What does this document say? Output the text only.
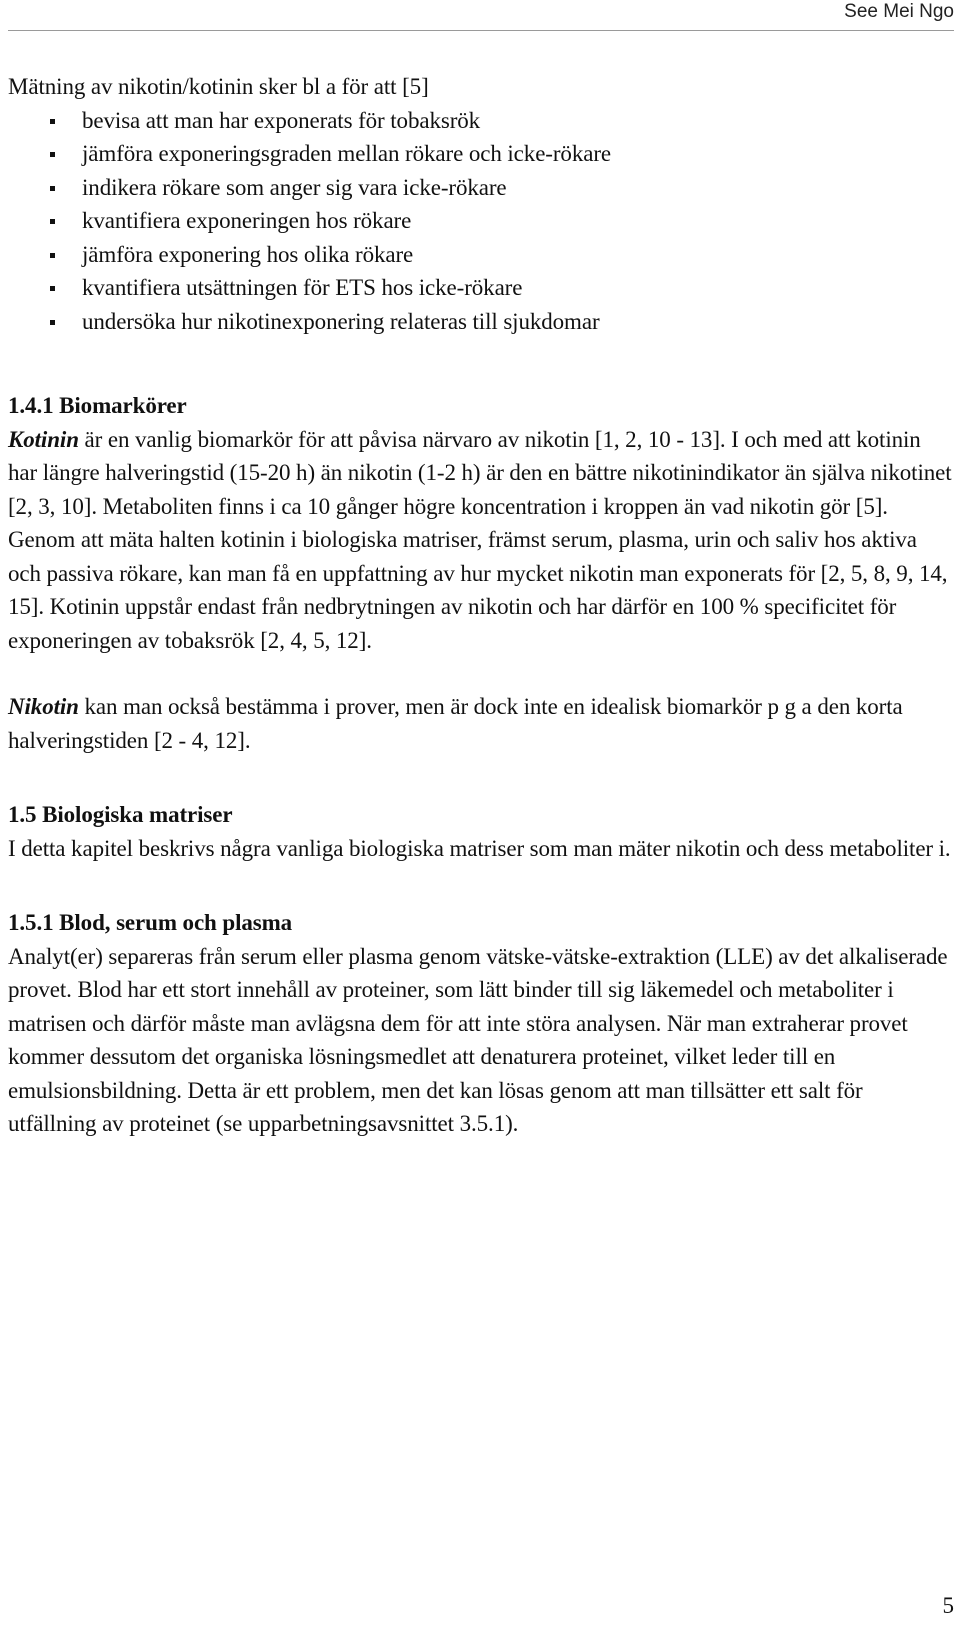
See Mei Ngo

Mätning av nikotin/kotinin sker bl a för att [5]

bevisa att man har exponerats för tobaksrök
jämföra exponeringsgraden mellan rökare och icke-rökare
indikera rökare som anger sig vara icke-rökare
kvantifiera exponeringen hos rökare
jämföra exponering hos olika rökare
kvantifiera utsättningen för ETS hos icke-rökare
undersöka hur nikotinexponering relateras till sjukdomar
1.4.1 Biomarkörer

Kotinin är en vanlig biomarkör för att påvisa närvaro av nikotin [1, 2, 10 - 13]. I och med att kotinin har längre halveringstid (15-20 h) än nikotin (1-2 h) är den en bättre nikotinindikator än själva nikotinet [2, 3, 10]. Metaboliten finns i ca 10 gånger högre koncentration i kroppen än vad nikotin gör [5]. Genom att mäta halten kotinin i biologiska matriser, främst serum, plasma, urin och saliv hos aktiva och passiva rökare, kan man få en uppfattning av hur mycket nikotin man exponerats för [2, 5, 8, 9, 14, 15]. Kotinin uppstår endast från nedbrytningen av nikotin och har därför en 100 % specificitet för exponeringen av tobaksrök [2, 4, 5, 12].

Nikotin kan man också bestämma i prover, men är dock inte en idealisk biomarkör p g a den korta halveringstiden [2 - 4, 12].

1.5 Biologiska matriser

I detta kapitel beskrivs några vanliga biologiska matriser som man mäter nikotin och dess metaboliter i.

1.5.1 Blod, serum och plasma

Analyt(er) separeras från serum eller plasma genom vätske-vätske-extraktion (LLE) av det alkaliserade provet. Blod har ett stort innehåll av proteiner, som lätt binder till sig läkemedel och metaboliter i matrisen och därför måste man avlägsna dem för att inte störa analysen. När man extraherar provet kommer dessutom det organiska lösningsmedlet att denaturera proteinet, vilket leder till en emulsionsbildning. Detta är ett problem, men det kan lösas genom att man tillsätter ett salt för utfällning av proteinet (se upparbetningsavsnittet 3.5.1).

5
